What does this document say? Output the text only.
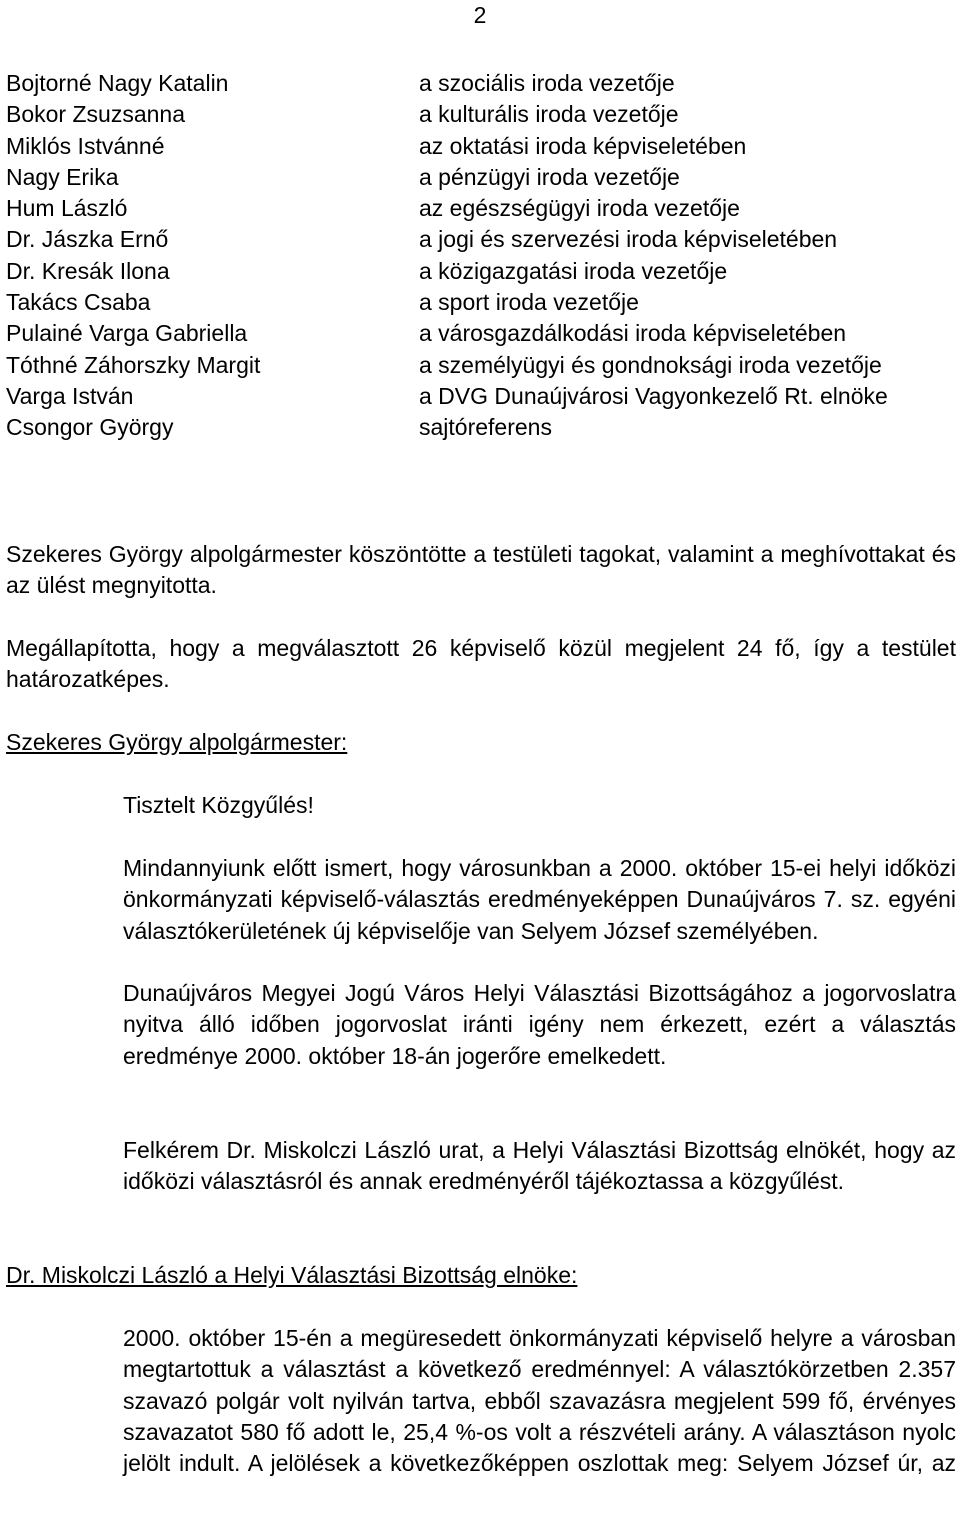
2
Bojtorné Nagy Katalin	a szociális iroda vezetője
Bokor Zsuzsanna	a kulturális iroda vezetője
Miklós Istvánné	az oktatási iroda képviseletében
Nagy Erika	a pénzügyi iroda vezetője
Hum László	az egészségügyi iroda vezetője
Dr. Jászka Ernő	a jogi és szervezési iroda képviseletében
Dr. Kresák Ilona	a közigazgatási iroda vezetője
Takács Csaba	a sport iroda vezetője
Pulainé Varga Gabriella	a városgazdálkodási iroda képviseletében
Tóthné Záhorszky Margit	a személyügyi és gondnoksági iroda vezetője
Varga István	a DVG Dunaújvárosi Vagyonkezelő Rt. elnöke
Csongor György	sajtóreferens

Szekeres György alpolgármester köszöntötte a testületi tagokat, valamint a meghívottakat és az ülést megnyitotta.

Megállapította, hogy a megválasztott 26 képviselő közül megjelent 24 fő, így a testület határozatképes.

Szekeres György alpolgármester:

Tisztelt Közgyűlés!

Mindannyiunk előtt ismert, hogy városunkban a 2000. október 15-ei helyi időközi önkormányzati képviselő-választás eredményeképpen Dunaújváros 7. sz. egyéni választókerületének új képviselője van Selyem József személyében.

Dunaújváros Megyei Jogú Város Helyi Választási Bizottságához a jogorvoslatra nyitva álló időben jogorvoslat iránti igény nem érkezett, ezért a választás eredménye 2000. október 18-án jogerőre emelkedett.

Felkérem Dr. Miskolczi László urat, a Helyi Választási Bizottság elnökét, hogy az időközi választásról és annak eredményéről tájékoztassa a közgyűlést.

Dr. Miskolczi László a Helyi Választási Bizottság elnöke:

2000. október 15-én a megüresedett önkormányzati képviselő helyre a városban megtartottuk a választást a következő eredménnyel: A választókörzetben 2.357 szavazó polgár volt nyilván tartva, ebből szavazásra megjelent 599 fő, érvényes szavazatot 580 fő adott le, 25,4 %-os volt a részvételi arány. A választáson nyolc jelölt indult. A jelölések a következőképpen oszlottak meg: Selyem József úr, az
